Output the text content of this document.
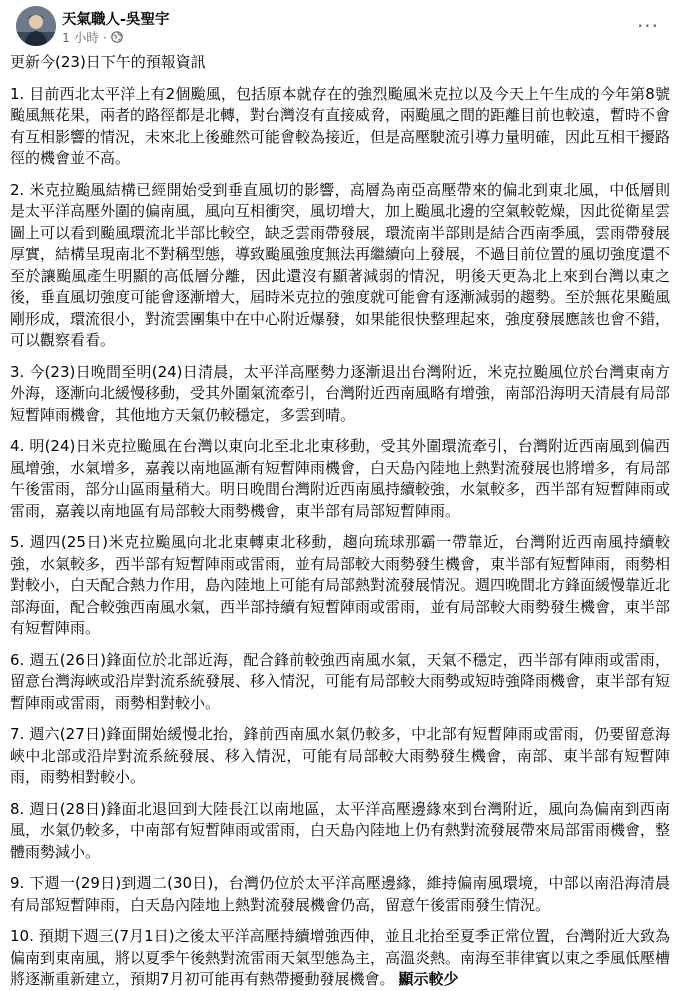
天氣職人-吳聖宇
1 小時 ·	···

更新今(23)日下午的預報資訊

1. 目前西北太平洋上有2個颱風，包括原本就存在的強烈颱風米克拉以及今天上午生成的今年第8號颱風無花果，兩者的路徑都是北轉，對台灣沒有直接威脅，兩颱風之間的距離目前也較遠，暫時不會有互相影響的情況，未來北上後雖然可能會較為接近，但是高壓駛流引導力量明確，因此互相干擾路徑的機會並不高。

2. 米克拉颱風結構已經開始受到垂直風切的影響，高層為南亞高壓帶來的偏北到東北風，中低層則是太平洋高壓外圍的偏南風，風向互相衝突，風切增大，加上颱風北邊的空氣較乾燥，因此從衛星雲圖上可以看到颱風環流北半部比較空，缺乏雲雨帶發展，環流南半部則是結合西南季風，雲雨帶發展厚實，結構呈現南北不對稱型態，導致颱風強度無法再繼續向上發展，不過目前位置的風切強度還不至於讓颱風產生明顯的高低層分離，因此還沒有顯著減弱的情況，明後天更為北上來到台灣以東之後，垂直風切強度可能會逐漸增大，屆時米克拉的強度就可能會有逐漸減弱的趨勢。至於無花果颱風剛形成，環流很小，對流雲團集中在中心附近爆發，如果能很快整理起來，強度發展應該也會不錯，可以觀察看看。

3. 今(23)日晚間至明(24)日清晨，太平洋高壓勢力逐漸退出台灣附近，米克拉颱風位於台灣東南方外海，逐漸向北緩慢移動，受其外圍氣流牽引，台灣附近西南風略有增強，南部沿海明天清晨有局部短暫陣雨機會，其他地方天氣仍較穩定，多雲到晴。

4. 明(24)日米克拉颱風在台灣以東向北至北北東移動，受其外圍環流牽引，台灣附近西南風到偏西風增強，水氣增多，嘉義以南地區漸有短暫陣雨機會，白天島內陸地上熱對流發展也將增多，有局部午後雷雨，部分山區雨量稍大。明日晚間台灣附近西南風持續較強，水氣較多，西半部有短暫陣雨或雷雨，嘉義以南地區有局部較大雨勢機會，東半部有局部短暫陣雨。

5. 週四(25日)米克拉颱風向北北東轉東北移動，趨向琉球那霸一帶靠近，台灣附近西南風持續較強，水氣較多，西半部有短暫陣雨或雷雨，並有局部較大雨勢發生機會，東半部有短暫陣雨，雨勢相對較小，白天配合熱力作用，島內陸地上可能有局部熱對流發展情況。週四晚間北方鋒面緩慢靠近北部海面，配合較強西南風水氣，西半部持續有短暫陣雨或雷雨，並有局部較大雨勢發生機會，東半部有短暫陣雨。

6. 週五(26日)鋒面位於北部近海，配合鋒前較強西南風水氣，天氣不穩定，西半部有陣雨或雷雨，留意台灣海峽或沿岸對流系統發展、移入情況，可能有局部較大雨勢或短時強降雨機會，東半部有短暫陣雨或雷雨，雨勢相對較小。

7. 週六(27日)鋒面開始緩慢北抬，鋒前西南風水氣仍較多，中北部有短暫陣雨或雷雨，仍要留意海峽中北部或沿岸對流系統發展、移入情況，可能有局部較大雨勢發生機會，南部、東半部有短暫陣雨，雨勢相對較小。

8. 週日(28日)鋒面北退回到大陸長江以南地區，太平洋高壓邊緣來到台灣附近，風向為偏南到西南風，水氣仍較多，中南部有短暫陣雨或雷雨，白天島內陸地上仍有熱對流發展帶來局部雷雨機會，整體雨勢減小。

9. 下週一(29日)到週二(30日)，台灣仍位於太平洋高壓邊緣，維持偏南風環境，中部以南沿海清晨有局部短暫陣雨，白天島內陸地上熱對流發展機會仍高，留意午後雷雨發生情況。

10. 預期下週三(7月1日)之後太平洋高壓持續增強西伸，並且北抬至夏季正常位置，台灣附近大致為偏南到東南風，將以夏季午後熱對流雷雨天氣型態為主，高溫炎熱。南海至菲律賓以東之季風低壓槽將逐漸重新建立，預期7月初可能再有熱帶擾動發展機會。 顯示較少
